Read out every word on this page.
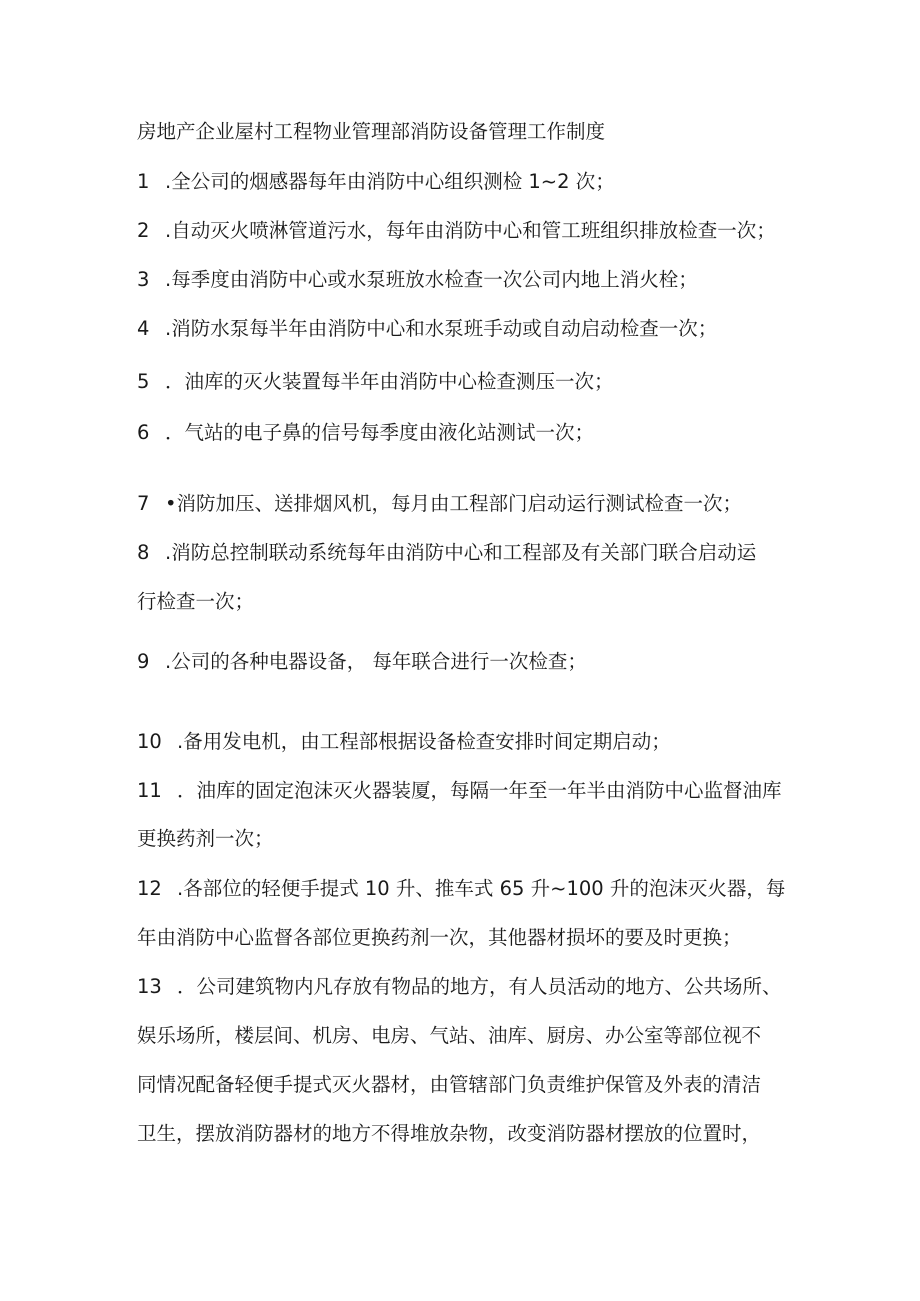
房地产企业屋村工程物业管理部消防设备管理工作制度
1 .全公司的烟感器每年由消防中心组织测检 1~2 次；
2 .自动灭火喷淋管道污水，每年由消防中心和管工班组织排放检查一次；
3 .每季度由消防中心或水泵班放水检查一次公司内地上消火栓；
4 .消防水泵每半年由消防中心和水泵班手动或自动启动检查一次；
5 ．油库的灭火装置每半年由消防中心检查测压一次；
6 ．气站的电子鼻的信号每季度由液化站测试一次；
7 •消防加压、送排烟风机，每月由工程部门启动运行测试检查一次；
8 .消防总控制联动系统每年由消防中心和工程部及有关部门联合启动运
行检查一次；
9 .公司的各种电器设备， 每年联合进行一次检查；
10 .备用发电机，由工程部根据设备检查安排时间定期启动；
11 ．油库的固定泡沫灭火器装厦，每隔一年至一年半由消防中心监督油库
更换药剂一次；
12 .各部位的轻便手提式 10 升、推车式 65 升~100 升的泡沫灭火器，每
年由消防中心监督各部位更换药剂一次，其他器材损坏的要及时更换；
13 ．公司建筑物内凡存放有物品的地方，有人员活动的地方、公共场所、
娱乐场所，楼层间、机房、电房、气站、油库、厨房、办公室等部位视不
同情况配备轻便手提式灭火器材，由管辖部门负责维护保管及外表的清洁
卫生，摆放消防器材的地方不得堆放杂物，改变消防器材摆放的位置时，
